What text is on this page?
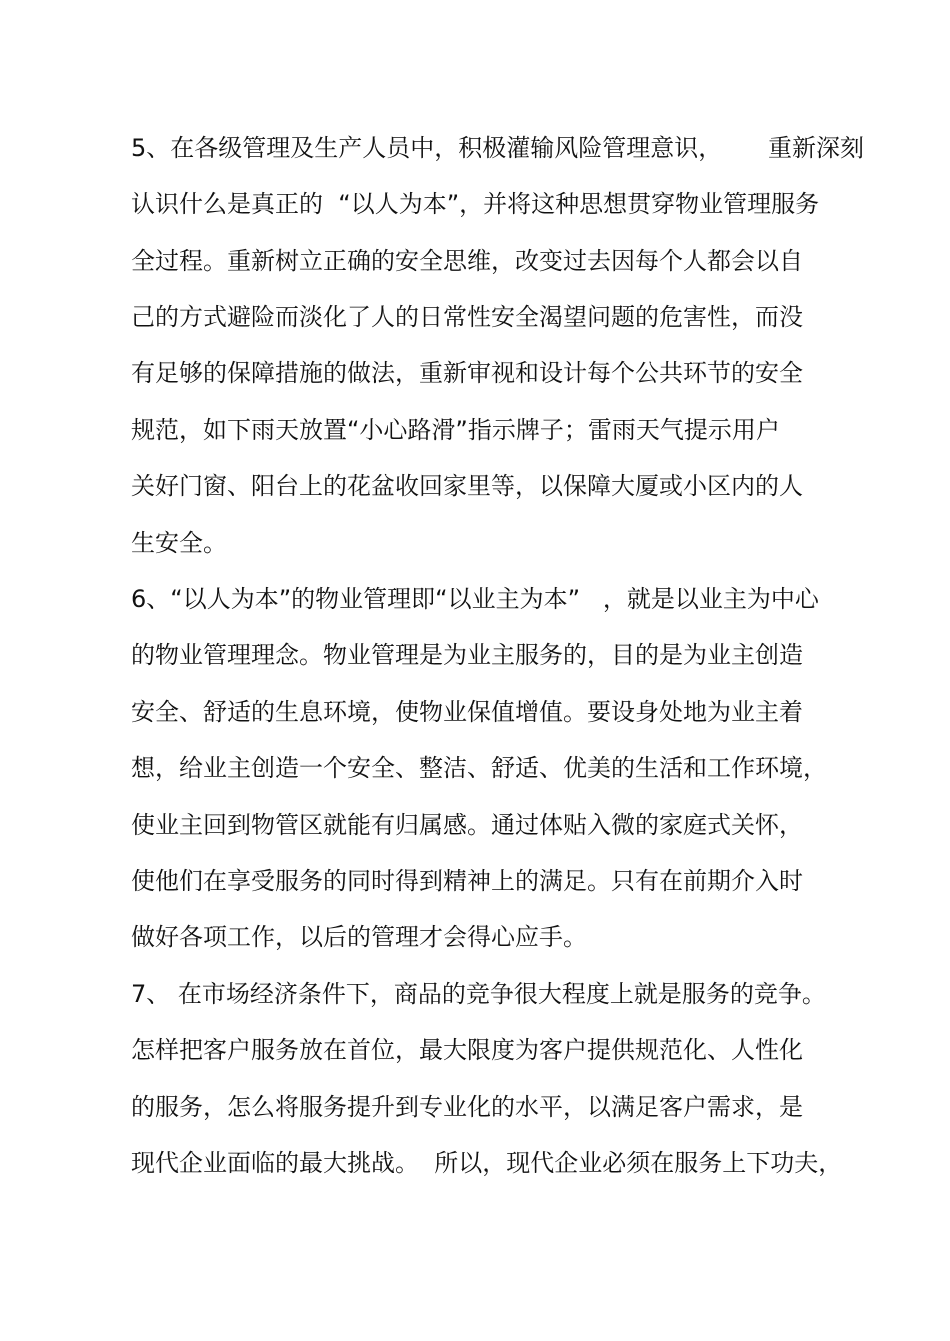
5、在各级管理及生产人员中，积极灌输风险管理意识，      重新深刻
认识什么是真正的  “以人为本”，并将这种思想贯穿物业管理服务
全过程。重新树立正确的安全思维，改变过去因每个人都会以自
己的方式避险而淡化了人的日常性安全渴望问题的危害性，而没
有足够的保障措施的做法，重新审视和设计每个公共环节的安全
规范，如下雨天放置“小心路滑”指示牌子；雷雨天气提示用户
关好门窗、阳台上的花盆收回家里等，以保障大厦或小区内的人
生安全。
6、“以人为本”的物业管理即“以业主为本”   ，就是以业主为中心
的物业管理理念。物业管理是为业主服务的，目的是为业主创造
安全、舒适的生息环境，使物业保值增值。要设身处地为业主着
想，给业主创造一个安全、整洁、舒适、优美的生活和工作环境，
使业主回到物管区就能有归属感。通过体贴入微的家庭式关怀，
使他们在享受服务的同时得到精神上的满足。只有在前期介入时
做好各项工作，以后的管理才会得心应手。
7、 在市场经济条件下，商品的竞争很大程度上就是服务的竞争。
怎样把客户服务放在首位，最大限度为客户提供规范化、人性化
的服务，怎么将服务提升到专业化的水平，以满足客户需求，是
现代企业面临的最大挑战。  所以，现代企业必须在服务上下功夫，
